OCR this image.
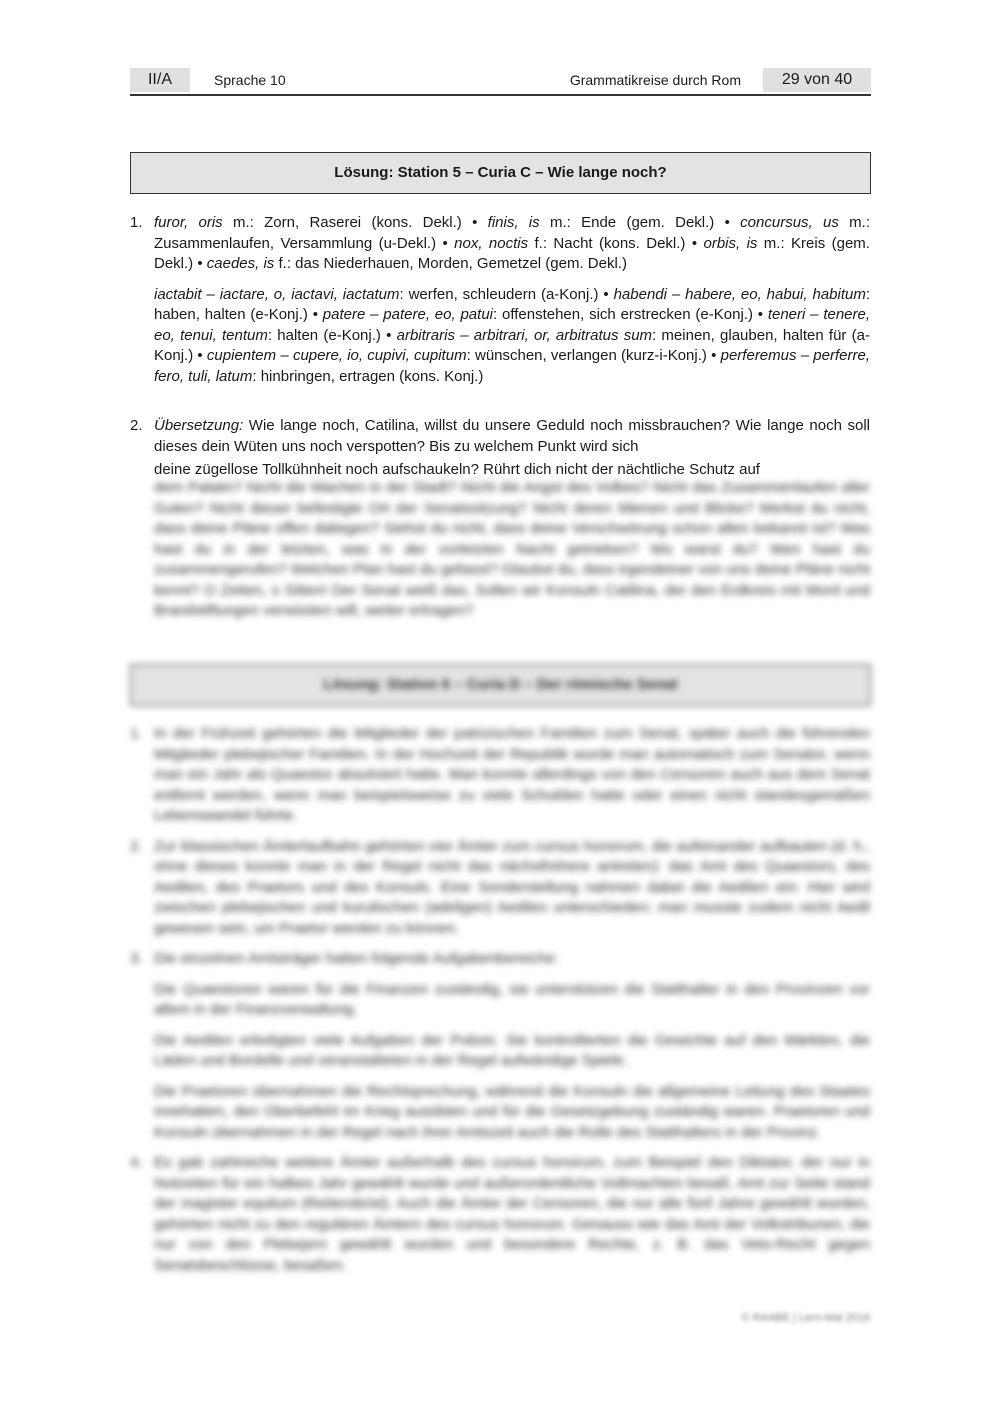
II/A	Sprache 10	Grammatikreise durch Rom	29 von 40
Lösung: Station 5 – Curia C – Wie lange noch?
1. furor, oris m.: Zorn, Raserei (kons. Dekl.) • finis, is m.: Ende (gem. Dekl.) • concursus, us m.: Zusammenlaufen, Versammlung (u-Dekl.) • nox, noctis f.: Nacht (kons. Dekl.) • orbis, is m.: Kreis (gem. Dekl.) • caedes, is f.: das Niederhauen, Morden, Gemetzel (gem. Dekl.)

iactabit – iactare, o, iactavi, iactatum: werfen, schleudern (a-Konj.) • habendi – habere, eo, habui, habitum: haben, halten (e-Konj.) • patere – patere, eo, patui: offenstehen, sich erstrecken (e-Konj.) • teneri – tenere, eo, tenui, tentum: halten (e-Konj.) • arbitraris – arbitrari, or, arbitratus sum: meinen, glauben, halten für (a-Konj.) • cupientem – cupere, io, cupivi, cupitum: wünschen, verlangen (kurz-i-Konj.) • perferemus – perferre, fero, tuli, latum: hinbringen, ertragen (kons. Konj.)

2. Übersetzung: Wie lange noch, Catilina, willst du unsere Geduld noch missbrauchen? Wie lange noch soll dieses dein Wüten uns noch verspotten? Bis zu welchem Punkt wird sich

deine zügellose Tollkühnheit noch aufschaukeln? Rührt dich nicht der nächtliche Schutz auf

dem Palatin? Nicht die Wachen in der Stadt? Nicht die Angst des Volkes? Nicht das Zusammenlaufen aller Guten? Nicht dieser befestigte Ort der Senatssitzung? Nicht deren Mienen und Blicke? Merkst du nicht, dass deine Pläne offen daliegen? Siehst du nicht, dass deine Verschwörung schon allen bekannt ist? Was hast du in der letzten, was in der vorletzten Nacht getrieben? Wo warst du? Wen hast du zusammengerufen? Welchen Plan hast du gefasst? Glaubst du, dass irgendeiner von uns deine Pläne nicht kennt? O Zeiten, o Sitten! Der Senat weiß das, Sollen wir Konsuln Catilina, der den Erdkreis mit Mord und Brandstiftungen verwüsten will, weiter ertragen?

Lösung: Station 6 – Curia D – Der römische Senat
1. In der Frühzeit gehörten die Mitglieder der patrizischen Familien zum Senat, später auch die führenden Mitglieder plebejischer Familien. In der Hochzeit der Republik wurde man automatisch zum Senator, wenn man ein Jahr als Quaestor absolviert hatte. Man konnte allerdings von den Censoren auch aus dem Senat entfernt werden, wenn man beispielsweise zu viele Schulden hatte oder einen nicht standesgemäßen Lebenswandel führte.

2. Zur klassischen Ämterlaufbahn gehörten vier Ämter zum cursus honorum, die aufeinander aufbauten (d. h., ohne dieses konnte man in der Regel nicht das nächsthöhere antreten): das Amt des Quaestors, des Aedilen, des Praetors und des Konsuls. Eine Sonderstellung nahmen dabei die Aedilen ein: Hier wird zwischen plebejischen und kurulischen (adeligen) Aedilen unterschieden; man musste zudem nicht Aedil gewesen sein, um Praetor werden zu können.

3. Die einzelnen Amtsträger hatten folgende Aufgabenbereiche:

Die Quaestoren waren für die Finanzen zuständig, sie unterstützen die Statthalter in den Provinzen vor allem in der Finanzverwaltung.

Die Aedilen erledigten viele Aufgaben der Polizei. Sie kontrollierten die Gewichte auf den Märkten, die Läden und Bordelle und veranstalteten in der Regel aufwändige Spiele.

Die Praetoren übernahmen die Rechtsprechung, während die Konsuln die allgemeine Leitung des Staates innehatten, den Oberbefehl im Krieg ausübten und für die Gesetzgebung zuständig waren. Praetoren und Konsuln übernahmen in der Regel nach ihrer Amtszeit auch die Rolle des Statthalters in der Provinz.

4. Es gab zahlreiche weitere Ämter außerhalb des cursus honorum, zum Beispiel den Diktator, der nur in Notzeiten für ein halbes Jahr gewählt wurde und außerordentliche Vollmachten besaß. Amt zur Seite stand der magister equitum (Reiterobrist). Auch die Ämter der Censoren, die nur alle fünf Jahre gewählt wurden, gehörten nicht zu den regulären Ämtern des cursus honorum. Genauso wie das Amt der Volkstribunen, die nur von den Plebejern gewählt wurden und besondere Rechte, z. B. das Veto-Recht gegen Senatsbeschlüsse, besaßen.

© RAABE | Lern-Mal 2016
